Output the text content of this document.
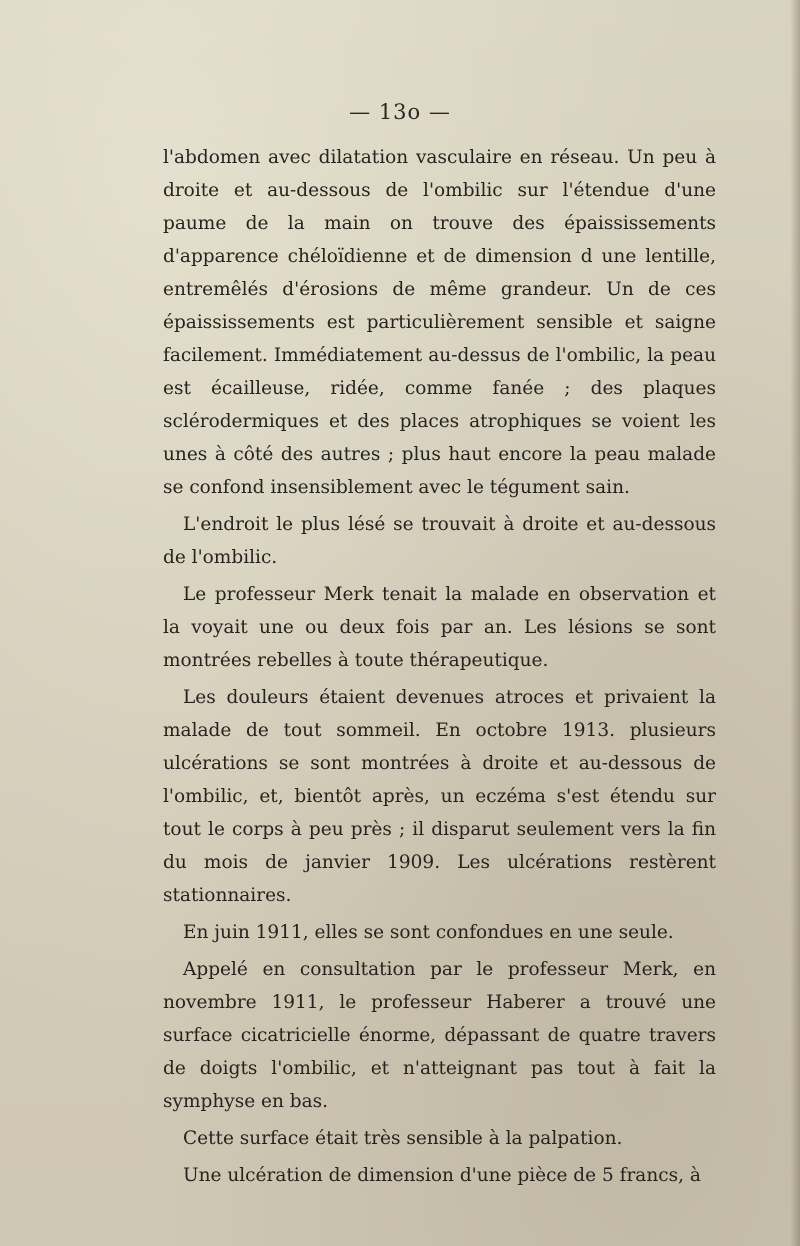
— 13o —

l'abdomen avec dilatation vasculaire en réseau. Un peu à droite et au-dessous de l'ombilic sur l'étendue d'une paume de la main on trouve des épaississements d'apparence chéloïdienne et de dimension d une lentille, entremêlés d'érosions de même grandeur. Un de ces épaississements est particulièrement sensible et saigne facilement. Immédiatement au-dessus de l'ombilic, la peau est écailleuse, ridée, comme fanée ; des plaques sclérodermiques et des places atrophiques se voient les unes à côté des autres ; plus haut encore la peau malade se confond insensiblement avec le tégument sain.

L'endroit le plus lésé se trouvait à droite et au-dessous de l'ombilic.

Le professeur Merk tenait la malade en observation et la voyait une ou deux fois par an. Les lésions se sont montrées rebelles à toute thérapeutique.

Les douleurs étaient devenues atroces et privaient la malade de tout sommeil. En octobre 1913. plusieurs ulcérations se sont montrées à droite et au-dessous de l'ombilic, et, bientôt après, un eczéma s'est étendu sur tout le corps à peu près ; il disparut seulement vers la fin du mois de janvier 1909. Les ulcérations restèrent stationnaires.

En juin 1911, elles se sont confondues en une seule.

Appelé en consultation par le professeur Merk, en novembre 1911, le professeur Haberer a trouvé une surface cicatricielle énorme, dépassant de quatre travers de doigts l'ombilic, et n'atteignant pas tout à fait la symphyse en bas.

Cette surface était très sensible à la palpation.

Une ulcération de dimension d'une pièce de 5 francs, à
